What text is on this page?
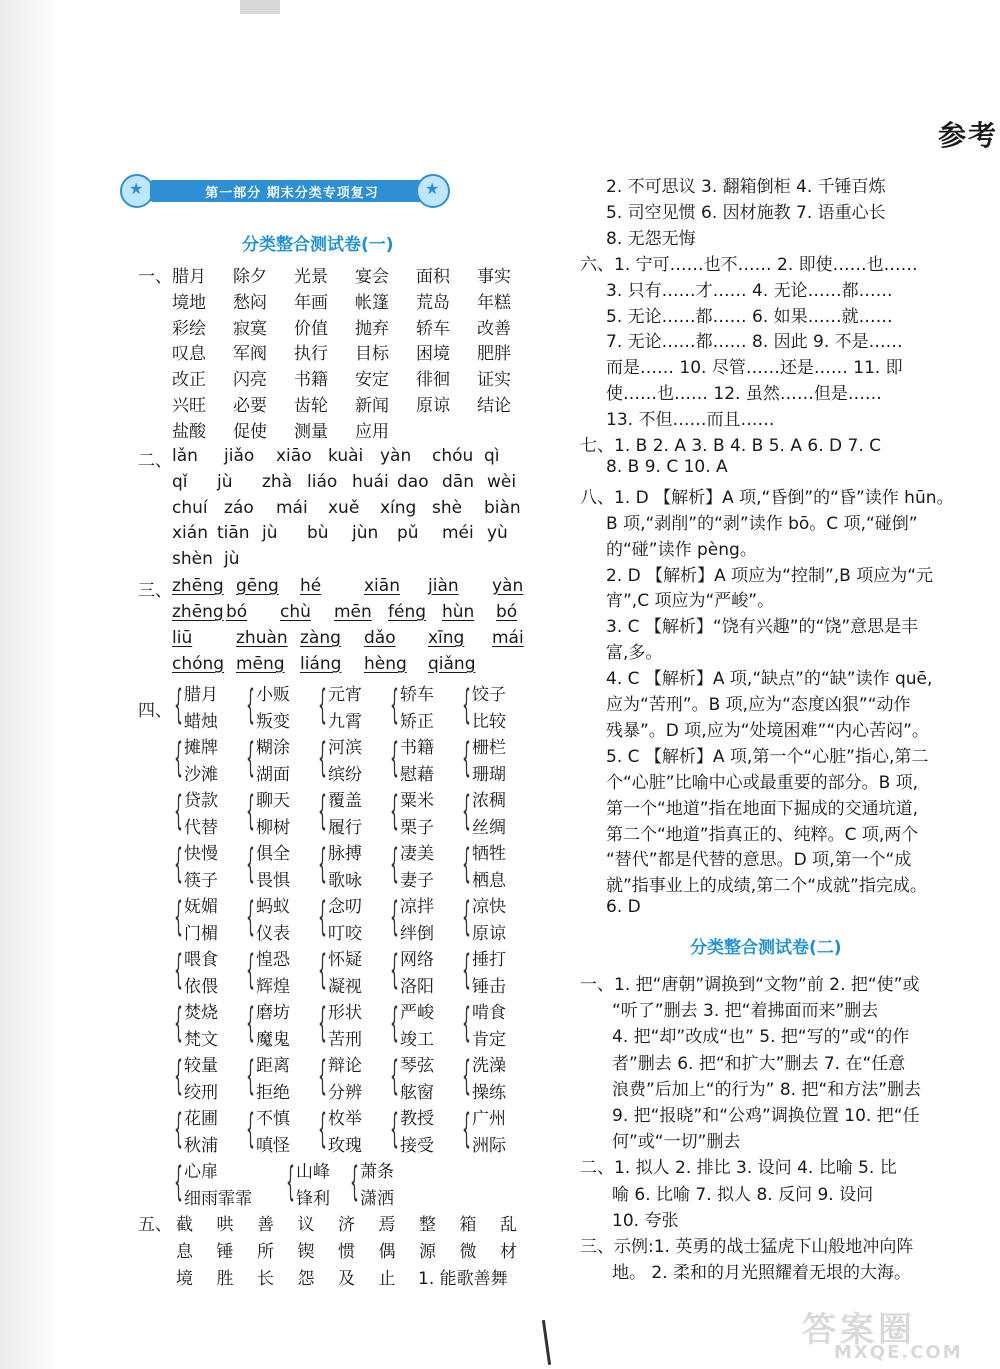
参考
★
第一部分 期末分类专项复习
★
分类整合测试卷(一)
一、 腊月 除夕 光景 宴会 面积 事实
境地 愁闷 年画 帐篷 荒岛 年糕
彩绘 寂寞 价值 抛弃 轿车 改善
叹息 军阀 执行 目标 困境 肥胖
改正 闪亮 书籍 安定 徘徊 证实
兴旺 必要 齿轮 新闻 原谅 结论
盐酸 促使 测量 应用
二、 lǎn jiǎo xiāo kuài yàn chóu qì
qǐ jù zhà liáo huái dao dān wèi
chuí záo mái xuě xíng shè biàn
xián tiān jù bù jùn pǔ méi yù
shèn jù
三、 zhēng gēng hé	xiān jiàn yàn
zhēng bó chù mēn féng hùn bó
liū	zhuàn zàng dǎo xīng mái
chóng mēng liáng hèng qiǎng
四、 { 腊月
蜡烛 { 小贩
叛变 { 元宵
九霄 { 轿车
矫正 { 饺子
比较
{ 摊牌
沙滩 { 糊涂
湖面 { 河滨
缤纷 { 书籍
慰藉 { 栅栏
珊瑚
{ 贷款
代替 { 聊天
柳树 { 覆盖
履行 { 粟米
栗子 { 浓稠
丝绸
{ 快慢
筷子 { 俱全
畏惧 { 脉搏
歌咏 { 凄美
妻子 { 牺牲
栖息
{ 妩媚
门楣 { 蚂蚁
仪表 { 念叨
叮咬 { 凉拌
绊倒 { 凉快
原谅
{ 喂食
依偎 { 惶恐
辉煌 { 怀疑
凝视 { 网络
洛阳 { 捶打
锤击
{ 焚烧
梵文 { 磨坊
魔鬼 { 形状
苦刑 { 严峻
竣工 { 啃食
肯定
{ 较量
绞刑 { 距离
拒绝 { 辩论
分辨 { 琴弦
舷窗 { 洗澡
操练
{ 花圃
秋浦 { 不慎
嗔怪 { 枚举
玫瑰 { 教授
接受 { 广州
洲际
{ 心扉
细雨霏霏 { 山峰
锋利 { 萧条
潇洒
五、 截 哄 善 议 济 焉 整 箱 乱
息 锤 所 锲 惯 偶 源 微 材
境 胜 长 怨 及 止 1. 能歌善舞
2. 不可思议 3. 翻箱倒柜 4. 千锤百炼
5. 司空见惯 6. 因材施教 7. 语重心长
8. 无怨无悔
六、1. 宁可……也不…… 2. 即使……也……
3. 只有……才…… 4. 无论……都……
5. 无论……都…… 6. 如果……就……
7. 无论……都…… 8. 因此 9. 不是……
而是…… 10. 尽管……还是…… 11. 即
使……也…… 12. 虽然……但是……
13. 不但……而且……
七、1. B 2. A 3. B 4. B 5. A 6. D 7. C
8. B 9. C 10. A
八、1. D 【解析】A 项,“昏倒”的“昏”读作 hūn。
B 项,“剥削”的“剥”读作 bō。C 项,“碰倒”
的“碰”读作 pèng。
2. D 【解析】A 项应为“控制”,B 项应为“元
宵”,C 项应为“严峻”。
3. C 【解析】“饶有兴趣”的“饶”意思是丰
富,多。
4. C 【解析】A 项,“缺点”的“缺”读作 quē,
应为“苦刑”。B 项,应为“态度凶狠”“动作
残暴”。D 项,应为“处境困难”“内心苦闷”。
5. C 【解析】A 项,第一个“心脏”指心,第二
个“心脏”比喻中心或最重要的部分。B 项,
第一个“地道”指在地面下掘成的交通坑道,
第二个“地道”指真正的、纯粹。C 项,两个
“替代”都是代替的意思。D 项,第一个“成
就”指事业上的成绩,第二个“成就”指完成。
6. D
一、1. 把“唐朝”调换到“文物”前 2. 把“使”或
“听了”删去 3. 把“着拂面而来”删去
4. 把“却”改成“也” 5. 把“写的”或“的作
者”删去 6. 把“和扩大”删去 7. 在“任意
浪费”后加上“的行为” 8. 把“和方法”删去
9. 把“报晓”和“公鸡”调换位置 10. 把“任
何”或“一切”删去
二、1. 拟人 2. 排比 3. 设问 4. 比喻 5. 比
喻 6. 比喻 7. 拟人 8. 反问 9. 设问
10. 夸张
三、示例:1. 英勇的战士猛虎下山般地冲向阵
地。 2. 柔和的月光照耀着无垠的大海。
分类整合测试卷(二)
答案圈
MXQE.COM
